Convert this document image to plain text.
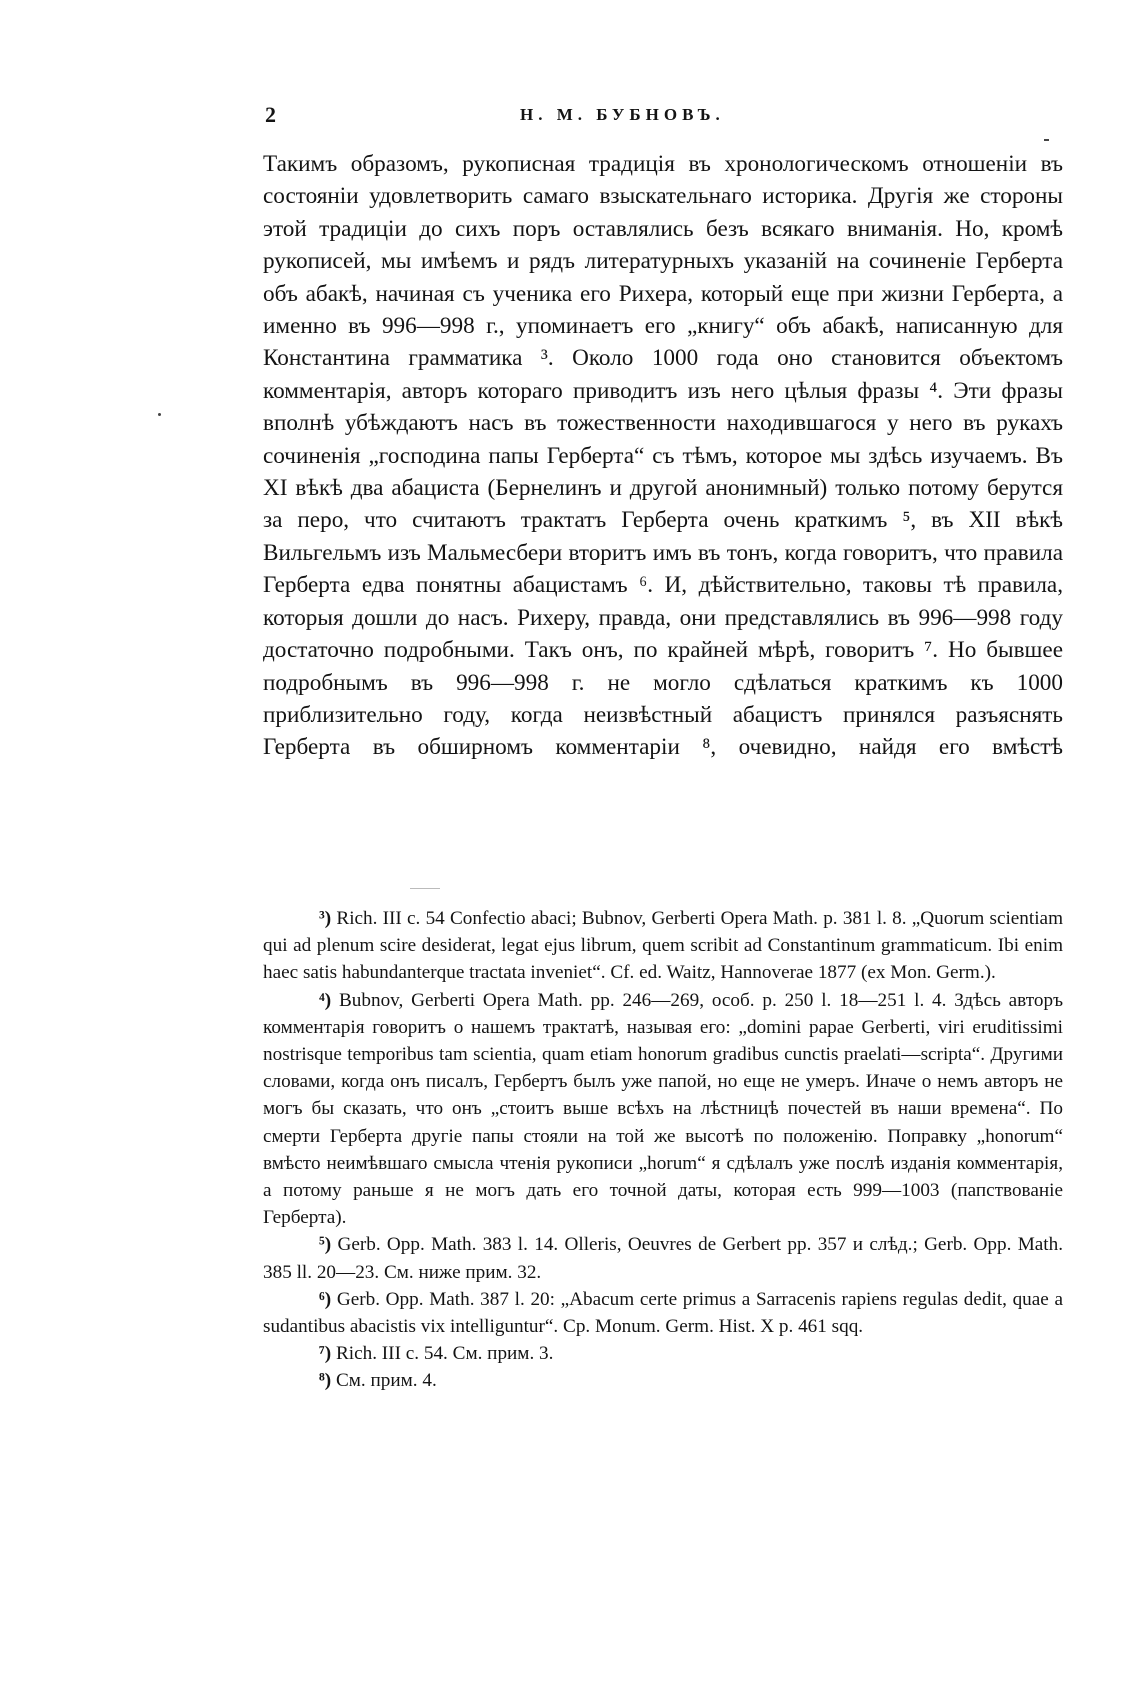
2	Н. М. БУБНОВЪ.

Такимъ образомъ, рукописная традиція въ хронологическомъ отношеніи въ состояніи удовлетворить самаго взыскательнаго историка. Другія же стороны этой традиціи до сихъ поръ оставлялись безъ всякаго вниманія. Но, кромѣ рукописей, мы имѣемъ и рядъ литературныхъ указаній на сочиненіе Герберта объ абакѣ, начиная съ ученика его Рихера, который еще при жизни Герберта, а именно въ 996—998 г., упоминаетъ его „книгу“ объ абакѣ, написанную для Константина грамматика ³. Около 1000 года оно становится объектомъ комментарія, авторъ котораго приводитъ изъ него цѣлыя фразы ⁴. Эти фразы вполнѣ убѣждаютъ насъ въ тожественности находившагося у него въ рукахъ сочиненія „господина папы Герберта“ съ тѣмъ, которое мы здѣсь изучаемъ. Въ XI вѣкѣ два абациста (Бернелинъ и другой анонимный) только потому берутся за перо, что считаютъ трактатъ Герберта очень краткимъ ⁵, въ XII вѣкѣ Вильгельмъ изъ Мальмесбери вторитъ имъ въ тонъ, когда говоритъ, что правила Герберта едва понятны абацистамъ ⁶. И, дѣйствительно, таковы тѣ правила, которыя дошли до насъ. Рихеру, правда, они представлялись въ 996—998 году достаточно подробными. Такъ онъ, по крайней мѣрѣ, говоритъ ⁷. Но бывшее подробнымъ въ 996—998 г. не могло сдѣлаться краткимъ къ 1000 приблизительно году, когда неизвѣстный абацистъ принялся разъяснять Герберта въ обширномъ комментаріи ⁸, очевидно, найдя его вмѣстѣ

³) Rich. III c. 54 Confectio abaci; Bubnov, Gerberti Opera Math. p. 381 l. 8. „Quorum scientiam qui ad plenum scire desiderat, legat ejus librum, quem scribit ad Constantinum grammaticum. Ibi enim haec satis habundanterque tractata inveniet“. Cf. ed. Waitz, Hannoverae 1877 (ex Mon. Germ.).

⁴) Bubnov, Gerberti Opera Math. pp. 246—269, особ. p. 250 l. 18—251 l. 4. Здѣсь авторъ комментарія говоритъ о нашемъ трактатѣ, называя его: „domini papae Gerberti, viri eruditissimi nostrisque temporibus tam scientia, quam etiam honorum gradibus cunctis praelati—scripta“. Другими словами, когда онъ писалъ, Гербертъ былъ уже папой, но еще не умеръ. Иначе о немъ авторъ не могъ бы сказать, что онъ „стоитъ выше всѣхъ на лѣстницѣ почестей въ наши времена“. По смерти Герберта другіе папы стояли на той же высотѣ по положенію. Поправку „honorum“ вмѣсто неимѣвшаго смысла чтенія рукописи „horum“ я сдѣлалъ уже послѣ изданія комментарія, а потому раньше я не могъ дать его точной даты, которая есть 999—1003 (папствованіе Герберта).

⁵) Gerb. Opp. Math. 383 l. 14. Olleris, Oeuvres de Gerbert pp. 357 и слѣд.; Gerb. Opp. Math. 385 ll. 20—23. См. ниже прим. 32.

⁶) Gerb. Opp. Math. 387 l. 20: „Abacum certe primus a Sarracenis rapiens regulas dedit, quae a sudantibus abacistis vix intelliguntur“. Ср. Monum. Germ. Hist. X p. 461 sqq.

⁷) Rich. III c. 54. См. прим. 3.

⁸) См. прим. 4.
